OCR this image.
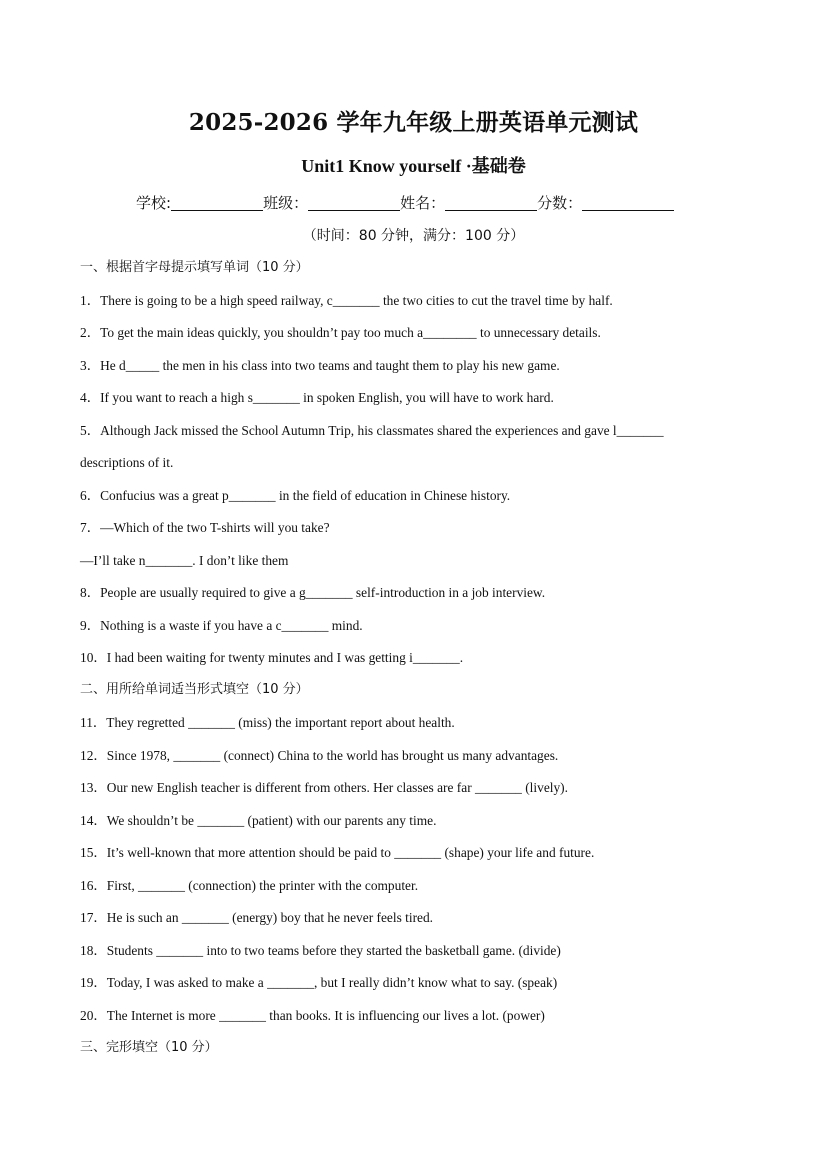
2025-2026 学年九年级上册英语单元测试
Unit1 Know yourself ·基础卷
学校:	班级：	姓名：	分数：
（时间：80 分钟，满分：100 分）
一、根据首字母提示填写单词（10 分）
1．There is going to be a high speed railway, c_______ the two cities to cut the travel time by half.
2．To get the main ideas quickly, you shouldn’t pay too much a________ to unnecessary details.
3．He d_____ the men in his class into two teams and taught them to play his new game.
4．If you want to reach a high s_______ in spoken English, you will have to work hard.
5．Although Jack missed the School Autumn Trip, his classmates shared the experiences and gave l_______
descriptions of it.
6．Confucius was a great p_______ in the field of education in Chinese history.
7．—Which of the two T-shirts will you take?
—I’ll take n_______. I don’t like them
8．People are usually required to give a g_______ self-introduction in a job interview.
9．Nothing is a waste if you have a c_______ mind.
10．I had been waiting for twenty minutes and I was getting i_______.
二、用所给单词适当形式填空（10 分）
11．They regretted _______ (miss) the important report about health.
12．Since 1978, _______ (connect) China to the world has brought us many advantages.
13．Our new English teacher is different from others. Her classes are far _______ (lively).
14．We shouldn’t be _______ (patient) with our parents any time.
15．It’s well-known that more attention should be paid to _______ (shape) your life and future.
16．First, _______ (connection) the printer with the computer.
17．He is such an _______ (energy) boy that he never feels tired.
18．Students _______ into to two teams before they started the basketball game. (divide)
19．Today, I was asked to make a _______, but I really didn’t know what to say. (speak)
20．The Internet is more _______ than books. It is influencing our lives a lot. (power)
三、完形填空（10 分）
